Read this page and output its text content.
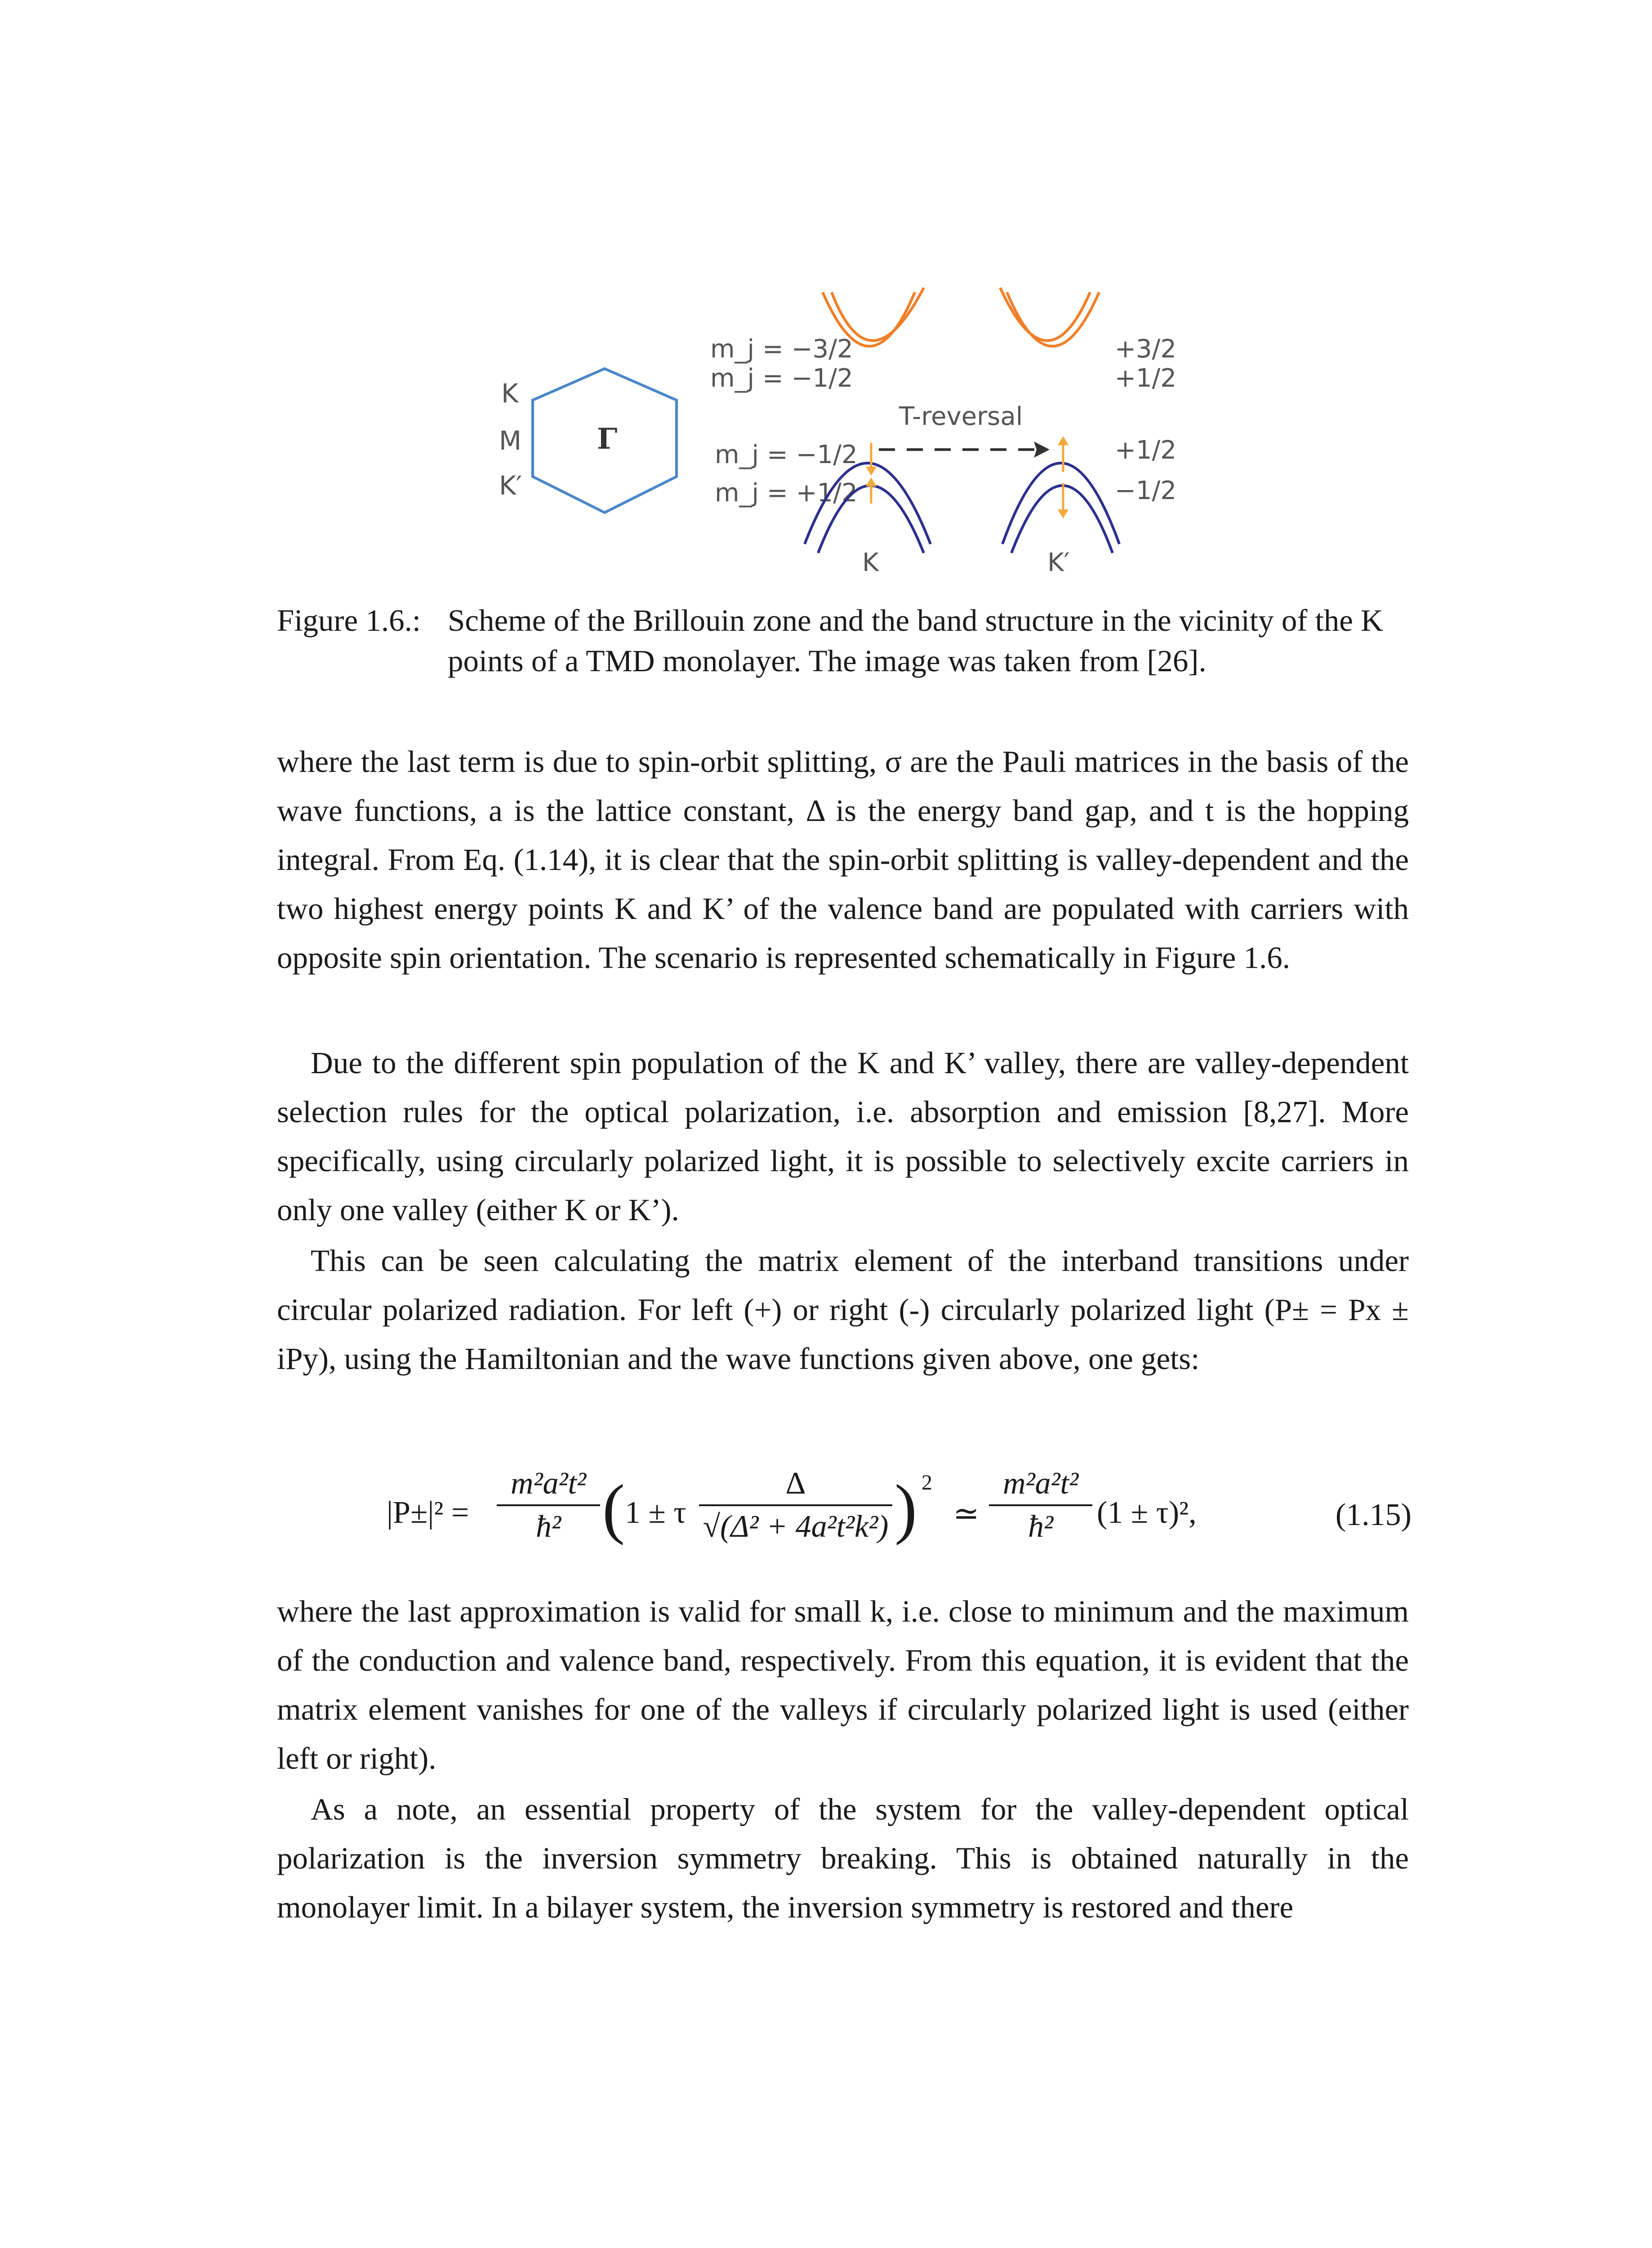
K
M
K′
Γ
m_j = −3/2
m_j = −1/2
m_j = −1/2
m_j = +1/2
+3/2
+1/2
+1/2
−1/2
T-reversal
K	K′
Figure 1.6.: Scheme of the Brillouin zone and the band structure in the vicinity of the K points of a TMD monolayer. The image was taken from [26].

where the last term is due to spin-orbit splitting, σ are the Pauli matrices in the basis of the wave functions, a is the lattice constant, Δ is the energy band gap, and t is the hopping integral. From Eq. (1.14), it is clear that the spin-orbit splitting is valley-dependent and the two highest energy points K and K’ of the valence band are populated with carriers with opposite spin orientation. The scenario is represented schematically in Figure 1.6.

Due to the different spin population of the K and K’ valley, there are valley-dependent selection rules for the optical polarization, i.e. absorption and emission [8,27]. More specifically, using circularly polarized light, it is possible to selectively excite carriers in only one valley (either K or K’).

This can be seen calculating the matrix element of the interband transitions under circular polarized radiation. For left (+) or right (-) circularly polarized light (P± = Px ± iPy), using the Hamiltonian and the wave functions given above, one gets:

|P±|² =
m²a²t²
ħ² ( 1 ± τ
Δ
√(Δ² + 4a²t²k²) ) 2
≃
m²a²t²
ħ²	(1 ± τ)²,	(1.15)

where the last approximation is valid for small k, i.e. close to minimum and the maximum of the conduction and valence band, respectively. From this equation, it is evident that the matrix element vanishes for one of the valleys if circularly polarized light is used (either left or right).

As a note, an essential property of the system for the valley-dependent optical polarization is the inversion symmetry breaking. This is obtained naturally in the monolayer limit. In a bilayer system, the inversion symmetry is restored and there
